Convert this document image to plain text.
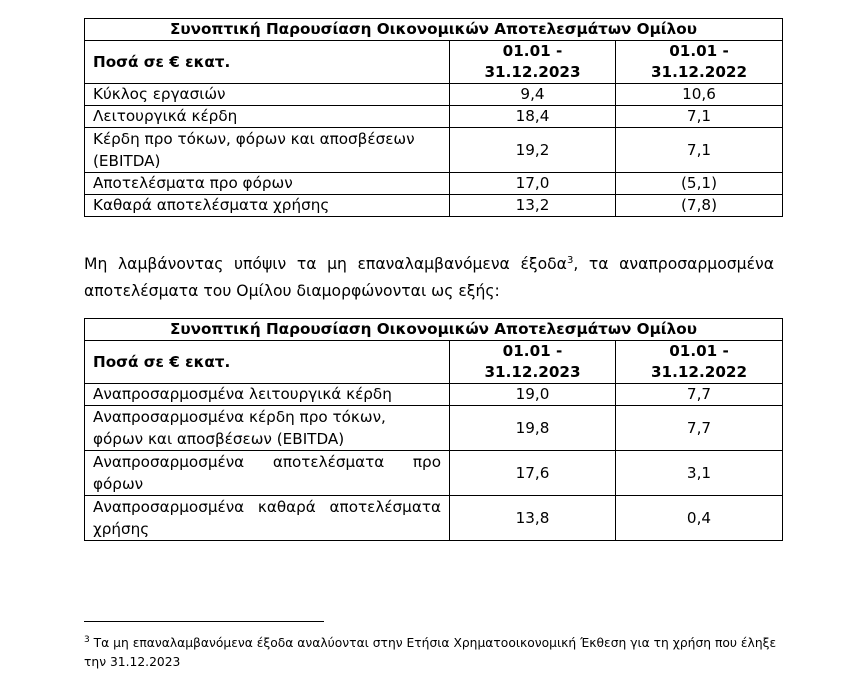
Συνοπτική Παρουσίαση Οικονομικών Αποτελεσμάτων Ομίλου		
Ποσά σε € εκατ.	01.01 - 31.12.2023	01.01 - 31.12.2022
Κύκλος εργασιών	9,4	10,6
Λειτουργικά κέρδη	18,4	7,1
Κέρδη προ τόκων, φόρων και αποσβέσεων
(EBITDA)	19,2	7,1
Αποτελέσματα προ φόρων	17,0	(5,1)
Καθαρά αποτελέσματα χρήσης	13,2	(7,8)
Μη λαμβάνοντας υπόψιν τα μη επαναλαμβανόμενα έξοδα$^3$, τα αναπροσαρμοσμένα αποτελέσματα του Ομίλου διαμορφώνονται ως εξής:
Συνοπτική Παρουσίαση Οικονομικών Αποτελεσμάτων Ομίλου		
Ποσά σε € εκατ.	01.01 - 31.12.2023	01.01 - 31.12.2022
Αναπροσαρμοσμένα λειτουργικά κέρδη	19,0	7,7
Αναπροσαρμοσμένα κέρδη προ τόκων,
φόρων και αποσβέσεων (EBITDA)	19,8	7,7

Αναπροσαρμοσμένα αποτελέσματα προ
φόρων	17,6	3,1

Αναπροσαρμοσμένα καθαρά αποτελέσματα
χρήσης	13,8	0,4
$^3$ Τα μη επαναλαμβανόμενα έξοδα αναλύονται στην Ετήσια Χρηματοοικονομική Έκθεση για τη χρήση που έληξε την 31.12.2023
